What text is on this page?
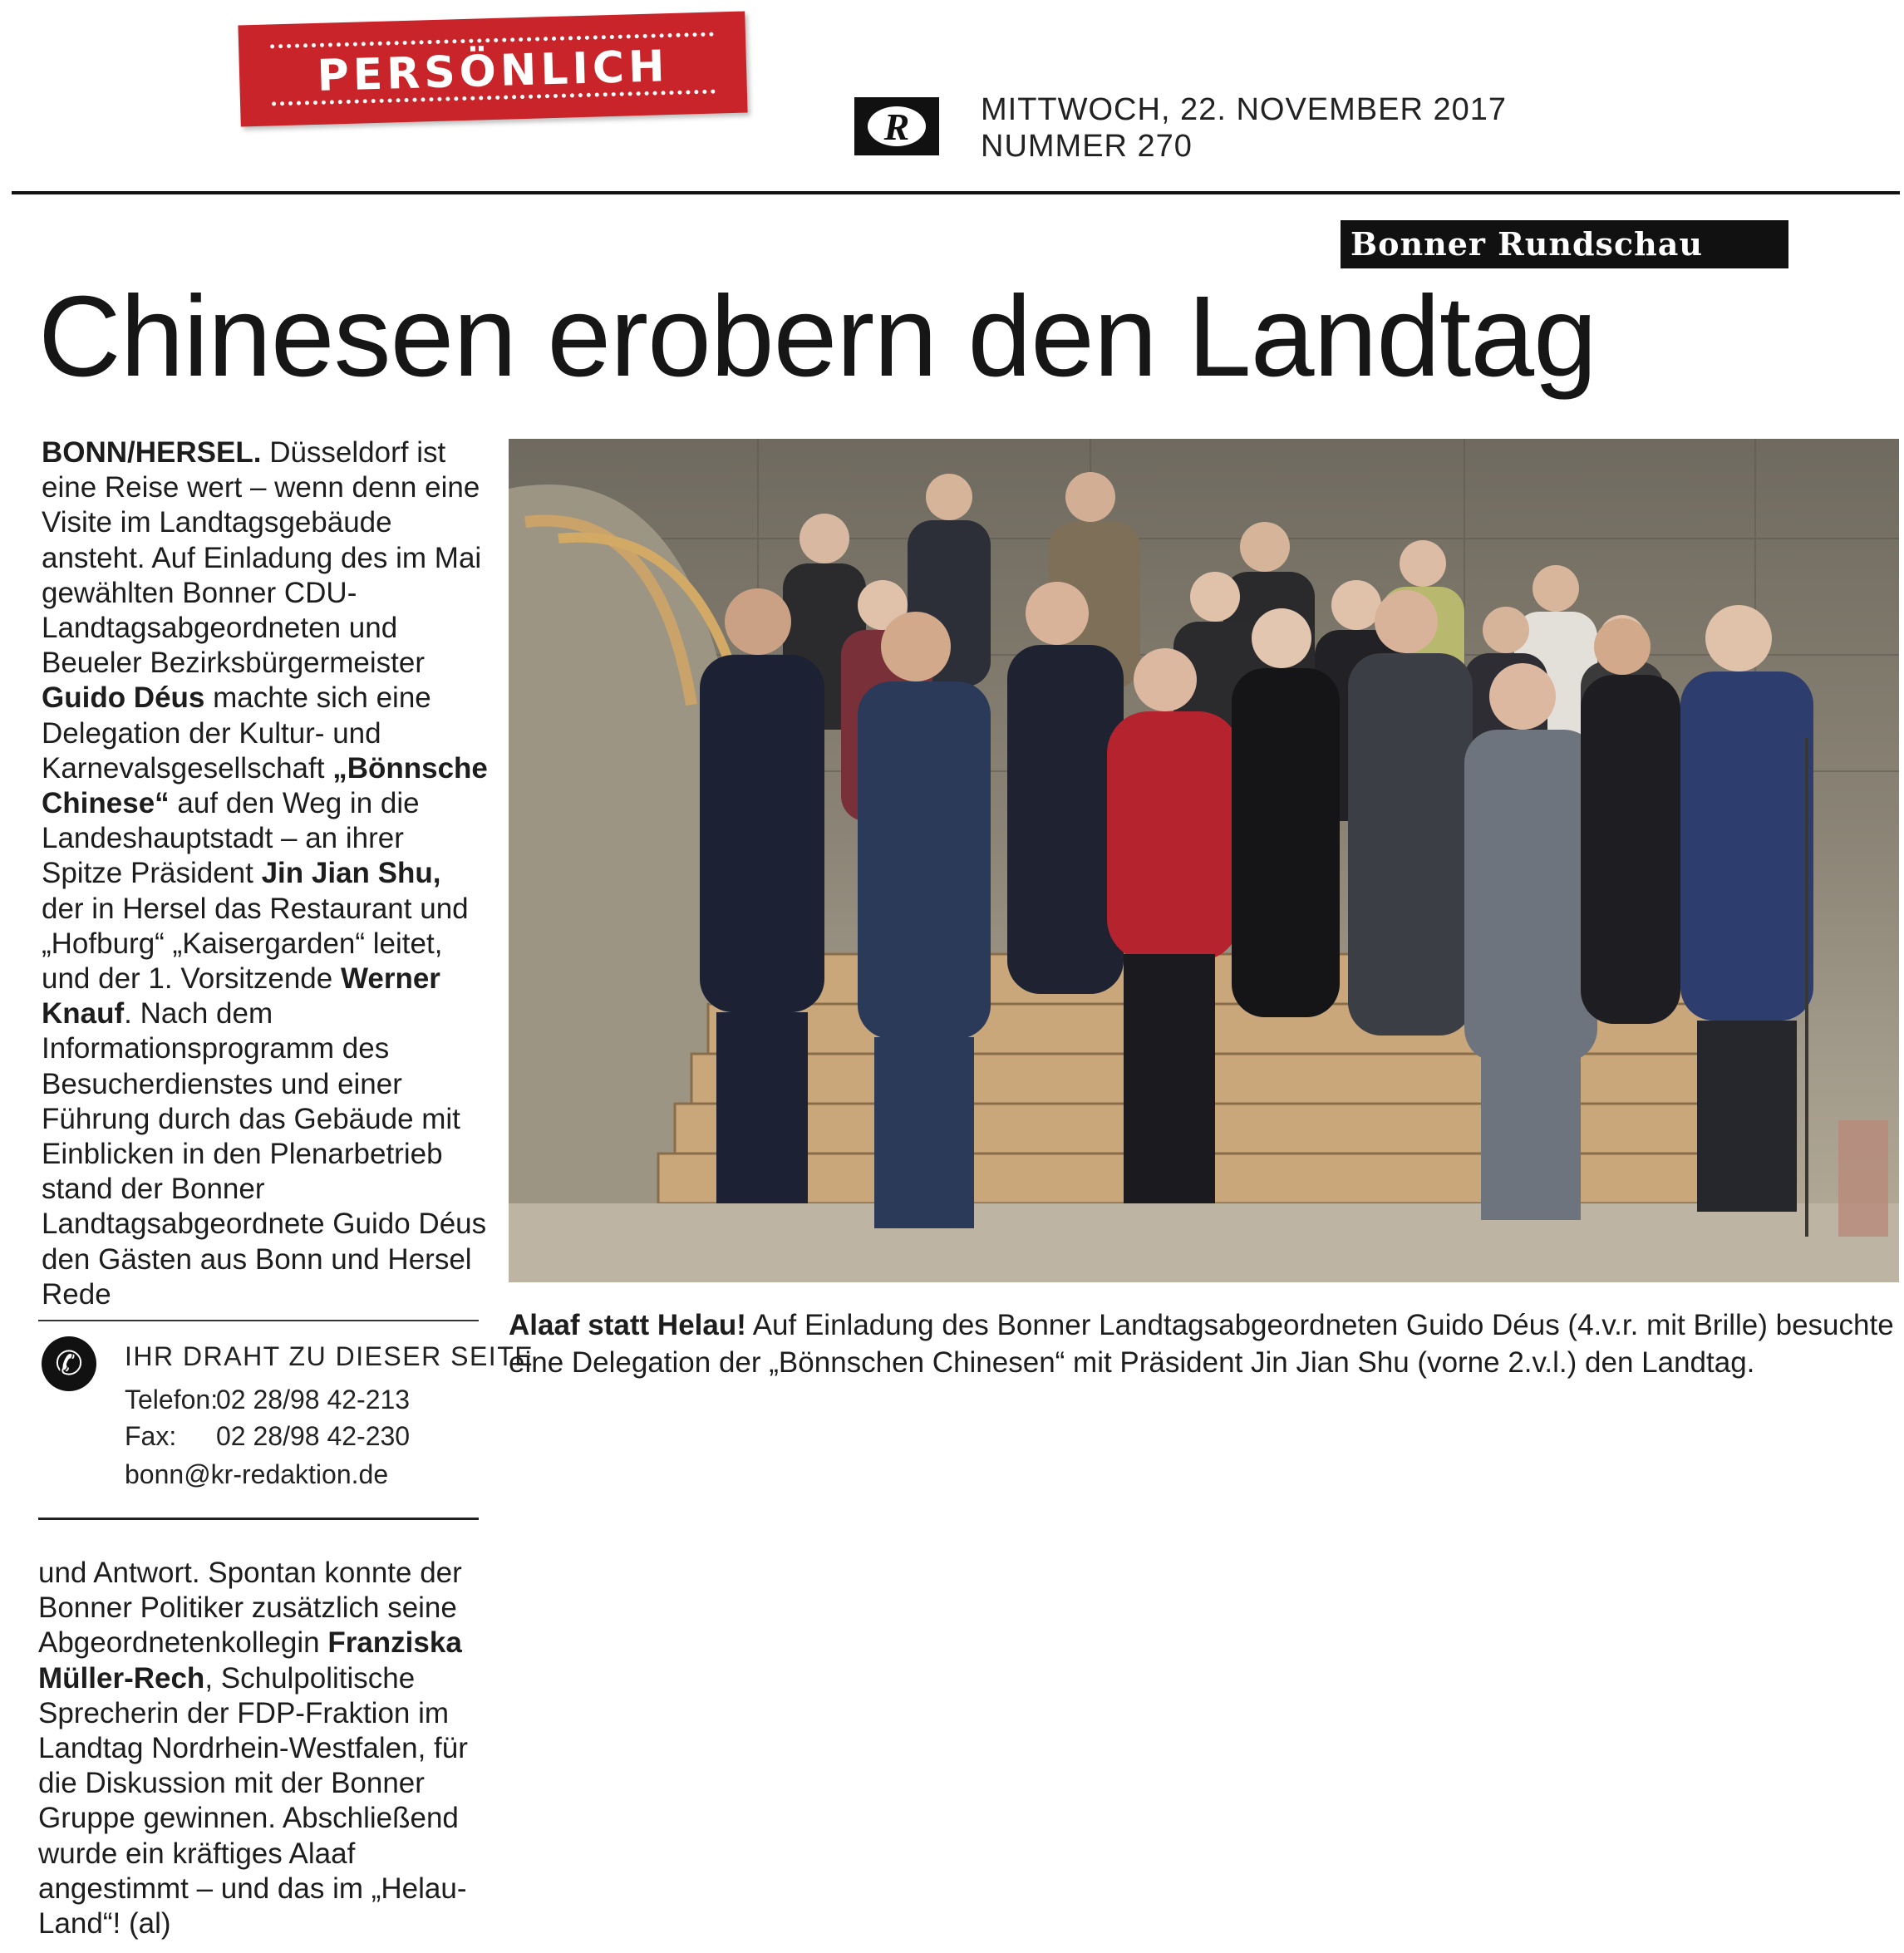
PERSÖNLICH
R	MITTWOCH, 22. NOVEMBER 2017
NUMMER 270
Bonner Rundschau
Chinesen erobern den Landtag
BONN/HERSEL. Düsseldorf ist eine Reise wert – wenn denn eine Visite im Landtagsgebäude ansteht. Auf Einladung des im Mai gewählten Bonner CDU-Landtagsabgeordneten und Beueler Bezirksbürgermeister Guido Déus machte sich eine Delegation der Kultur- und Karnevalsgesellschaft „Bönnsche Chinese“ auf den Weg in die Landeshauptstadt – an ihrer Spitze Präsident Jin Jian Shu, der in Hersel das Restaurant und „Hofburg“ „Kaisergarden“ leitet, und der 1. Vorsitzende Werner Knauf. Nach dem Informationsprogramm des Besucherdienstes und einer Führung durch das Gebäude mit Einblicken in den Plenarbetrieb stand der Bonner Landtagsabgeordnete Guido Déus den Gästen aus Bonn und Hersel Rede
✆	IHR DRAHT ZU DIESER SEITE
Telefon:02 28/98 42-213
Fax: 02 28/98 42-230
bonn@kr-redaktion.de
und Antwort. Spontan konnte der Bonner Politiker zusätzlich seine Abgeordnetenkollegin Franziska Müller-Rech, Schulpolitische Sprecherin der FDP-Fraktion im Landtag Nordrhein-Westfalen, für die Diskussion mit der Bonner Gruppe gewinnen. Abschließend wurde ein kräftiges Alaaf angestimmt – und das im „Helau-Land“! (al)
Alaaf statt Helau! Auf Einladung des Bonner Landtagsabgeordneten Guido Déus (4.v.r. mit Brille) besuchte eine Delegation der „Bönnschen Chinesen“ mit Präsident Jin Jian Shu (vorne 2.v.l.) den Landtag.
